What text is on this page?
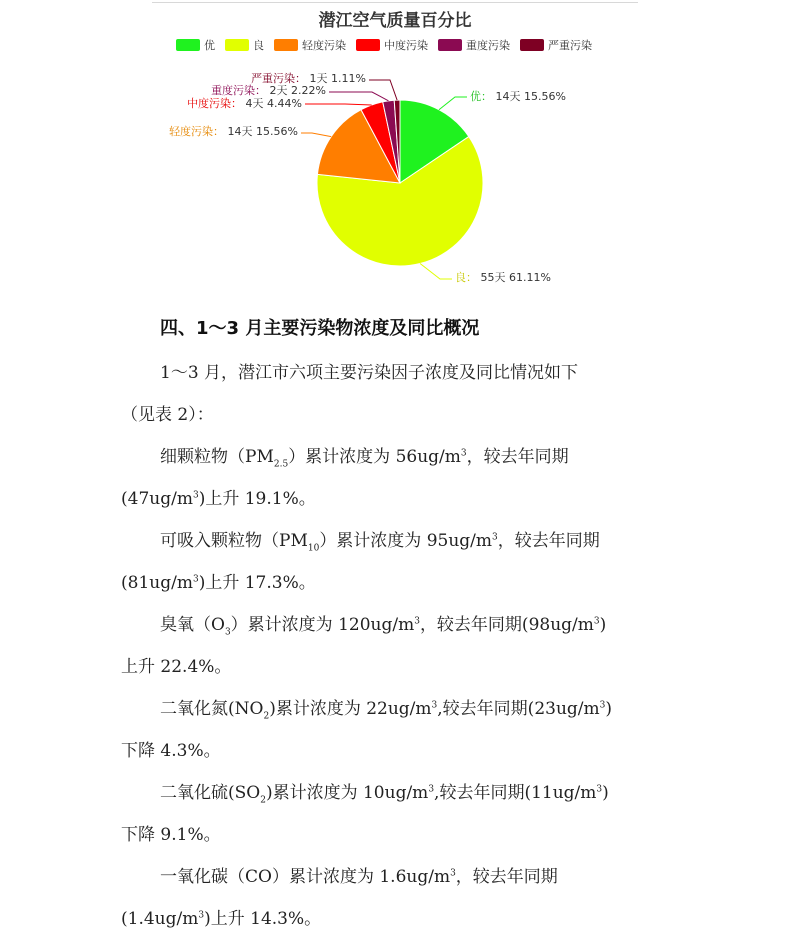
潜江空气质量百分比
优	良	轻度污染	中度污染	重度污染	严重污染
优： 14天 15.56%
良： 55天 61.11%
轻度污染： 14天 15.56%
中度污染： 4天 4.44%
重度污染： 2天 2.22%
严重污染： 1天 1.11%
四、1～3 月主要污染物浓度及同比概况
1～3 月，潜江市六项主要污染因子浓度及同比情况如下
（见表 2）：
细颗粒物$(PM_{2.5})$累计浓度为 $56ug/m^3$，较去年同期
$(47ug/m^3)$上升 19.1%。
可吸入颗粒物$(PM_{10})$累计浓度为 $95ug/m^3$，较去年同期
$(81ug/m^3)$上升 17.3%。
臭氧$(O_3)$累计浓度为 $120ug/m^3$，较去年同期$(98ug/m^3)$
上升 22.4%。
二氧化氮$(NO_2)$累计浓度为 $22ug/m^3$,较去年同期$(23ug/m^3)$
下降 4.3%。
二氧化硫$(SO_2)$累计浓度为 $10ug/m^3$,较去年同期$(11ug/m^3)$
下降 9.1%。
一氧化碳（CO）累计浓度为 $1.6ug/m^3$，较去年同期
$(1.4ug/m^3)$上升 14.3%。
